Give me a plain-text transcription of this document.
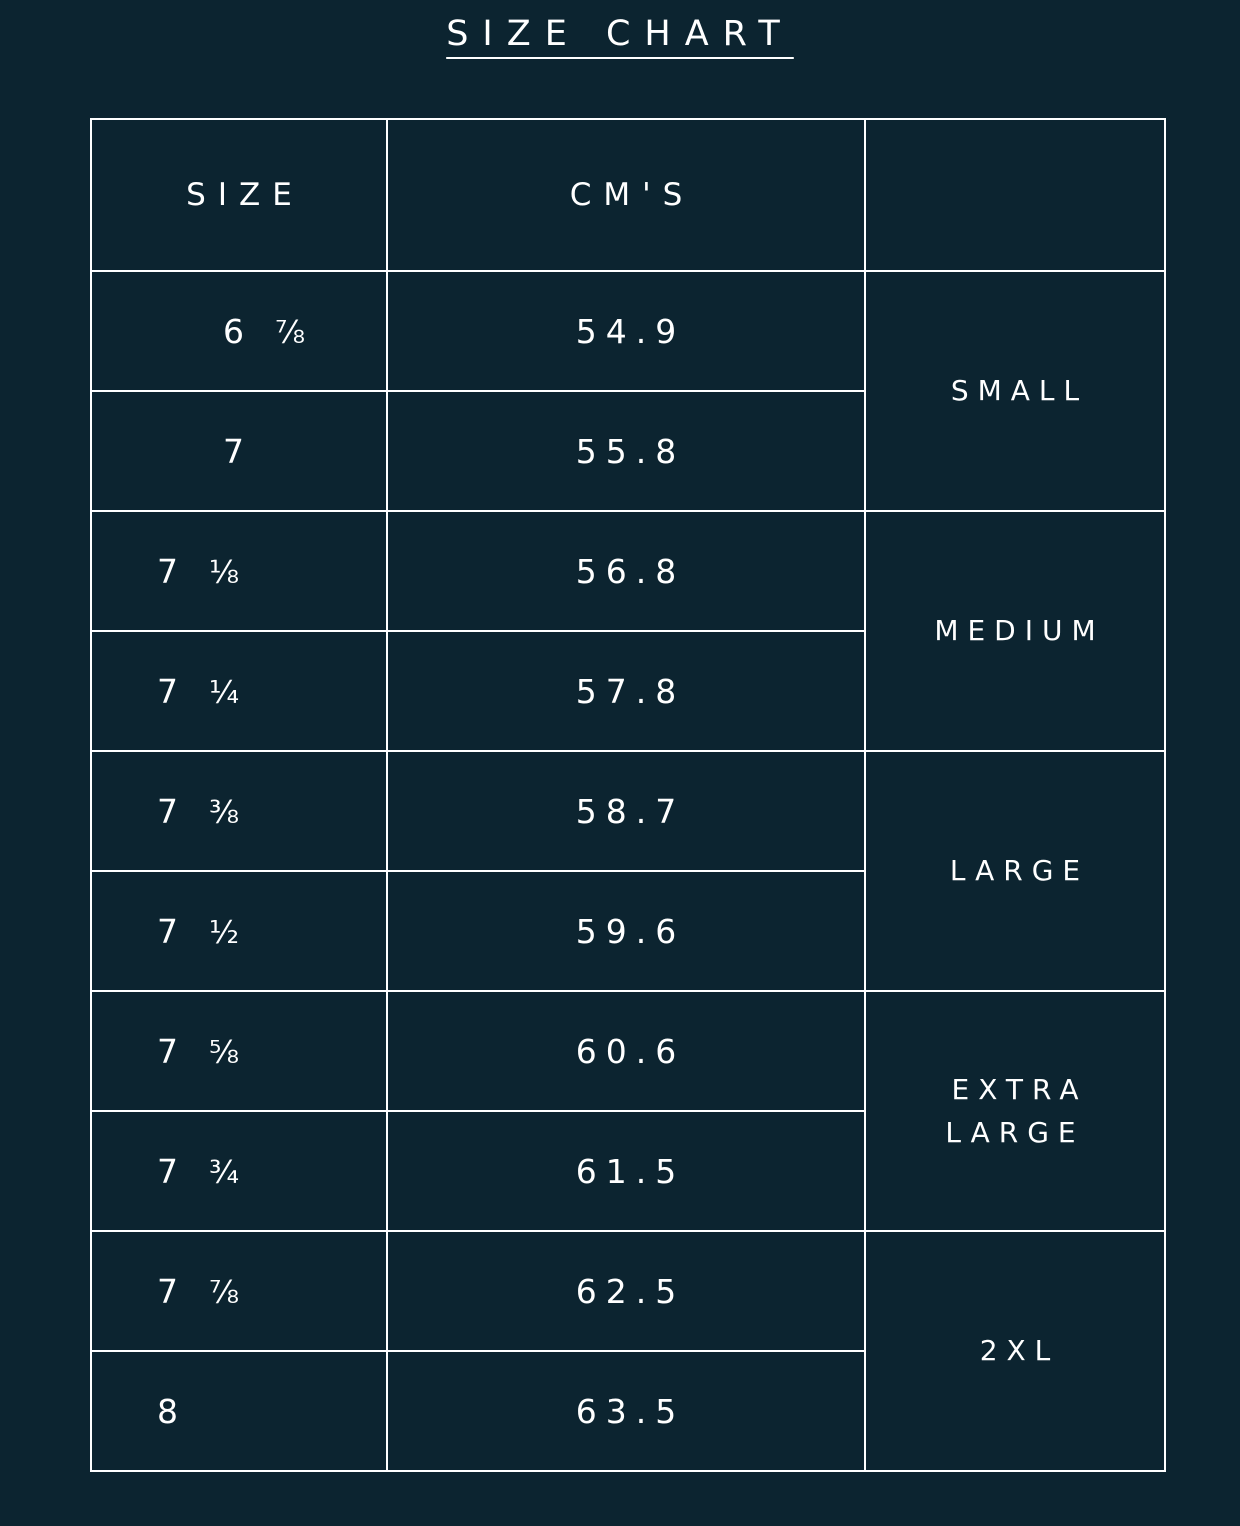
SIZE CHART
SIZE	CM'S	

6 ⅞	54.9	SMALL

7	55.8	

7 ⅛	56.8	MEDIUM

7 ¼	57.8	

7 ⅜	58.7	LARGE

7 ½	59.6	

7 ⅝	60.6	EXTRA LARGE

7 ¾	61.5	

7 ⅞	62.5	2XL

8	63.5	
